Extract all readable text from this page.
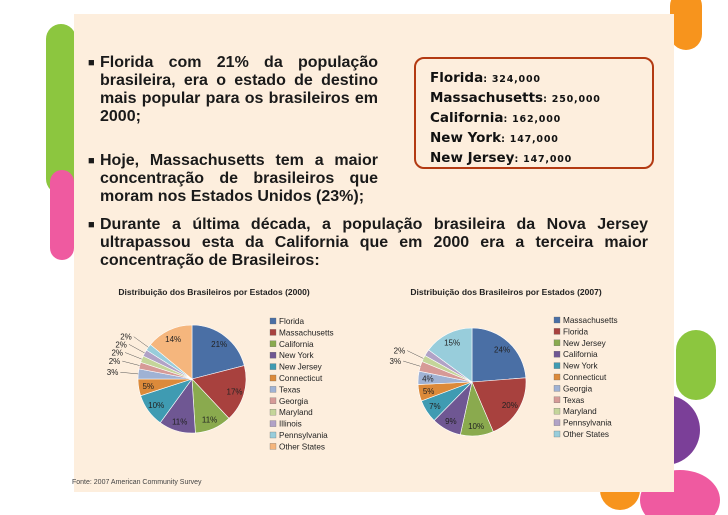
■ Florida com 21% da população brasileira, era o estado de destino mais popular para os brasileiros em 2000;

■ Hoje, Massachusetts tem a maior concentração de brasileiros que moram nos Estados Unidos (23%);

■ Durante a última década, a população brasileira da Nova Jersey ultrapassou esta da California que em 2000 era a terceira maior concentração de Brasileiros:

Florida: 324,000
Massachusetts: 250,000
California: 162,000
New York: 147,000
New Jersey: 147,000
Distribuição dos Brasileiros por Estados (2000)
21%
17%
11%
11%
10%
5%
3%
2%
2%
2%
2%	14%
Florida
Massachusetts
California
New York
New Jersey
Connecticut
Texas
Georgia
Maryland
Illinois
Pennsylvania
Other States
Distribuição dos Brasileiros por Estados (2007)
24%
20%
10%
9%
7%
5%
4%
3%
2%
15%
Massachusetts
Florida
New Jersey
California
New York
Connecticut
Georgia
Texas
Maryland
Pennsylvania
Other States
Fonte: 2007 American Community Survey
